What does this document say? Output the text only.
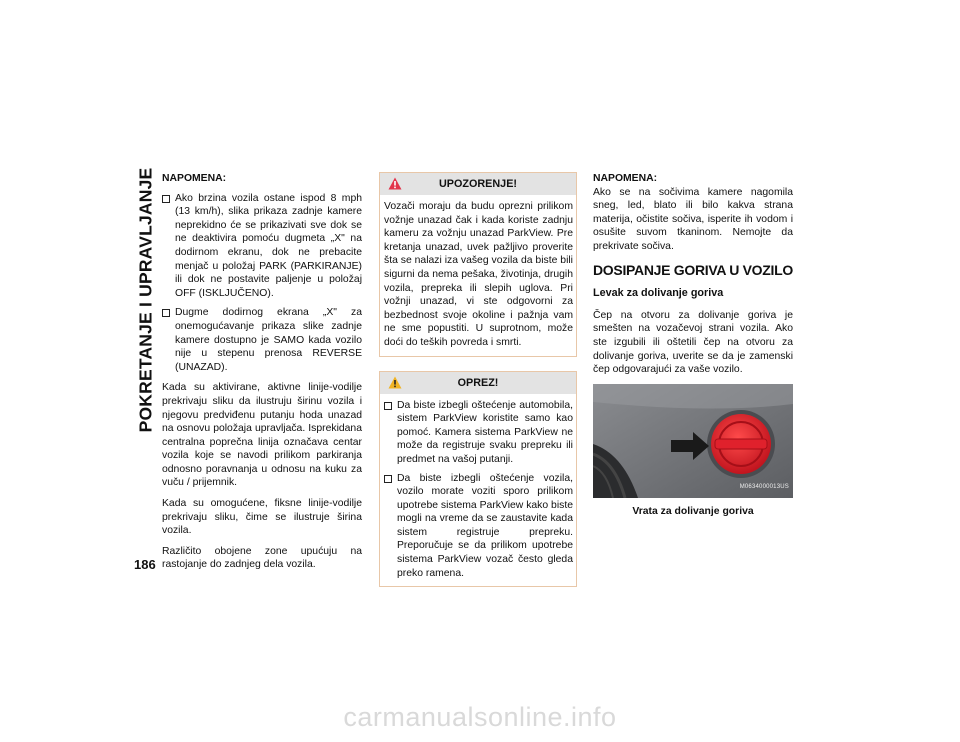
POKRETANJE I UPRAVLJANJE
186
NAPOMENA:
Ako brzina vozila ostane ispod 8 mph (13 km/h), slika prikaza zadnje kamere neprekidno će se prikazivati sve dok se ne deaktivira pomoću dugmeta „X" na dodirnom ekranu, dok ne prebacite menjač u položaj PARK (PARKIRANJE) ili dok ne postavite paljenje u položaj OFF (ISKLJUČENO).
Dugme dodirnog ekrana „X" za onemogućavanje prikaza slike zadnje kamere dostupno je SAMO kada vozilo nije u stepenu prenosa REVERSE (UNAZAD).

Kada su aktivirane, aktivne linije-vodilje prekrivaju sliku da ilustruju širinu vozila i njegovu predviđenu putanju hoda unazad na osnovu položaja upravljača. Isprekidana centralna poprečna linija označava centar vozila koje se navodi prilikom parkiranja odnosno poravnanja u odnosu na kuku za vuču / prijemnik.

Kada su omogućene, fiksne linije-vodilje prekrivaju sliku, čime se ilustruje širina vozila.

Različito obojene zone upućuju na rastojanje do zadnjeg dela vozila.

UPOZORENJE!

Vozači moraju da budu oprezni prilikom vožnje unazad čak i kada koriste zadnju kameru za vožnju unazad ParkView. Pre kretanja unazad, uvek pažljivo proverite šta se nalazi iza vašeg vozila da biste bili sigurni da nema pešaka, životinja, drugih vozila, prepreka ili slepih uglova. Pri vožnji unazad, vi ste odgovorni za bezbednost svoje okoline i pažnja vam ne sme popustiti. U suprotnom, može doći do teških povreda i smrti.

OPREZ!
Da biste izbegli oštećenje automobila, sistem ParkView koristite samo kao pomoć. Kamera sistema ParkView ne može da registruje svaku prepreku ili predmet na vašoj putanji.
Da biste izbegli oštećenje vozila, vozilo morate voziti sporo prilikom upotrebe sistema ParkView kako biste mogli na vreme da se zaustavite kada sistem registruje prepreku. Preporučuje se da prilikom upotrebe sistema ParkView vozač često gleda preko ramena.
NAPOMENA:

Ako se na sočivima kamere nagomila sneg, led, blato ili bilo kakva strana materija, očistite sočiva, isperite ih vodom i osušite suvom tkaninom. Nemojte da prekrivate sočiva.

DOSIPANJE GORIVA U VOZILO
Levak za dolivanje goriva

Čep na otvoru za dolivanje goriva je smešten na vozačevoj strani vozila. Ako ste izgubili ili oštetili čep na otvoru za dolivanje goriva, uverite se da je zamenski čep odgovarajući za vaše vozilo.

M0634000013US
Vrata za dolivanje goriva
carmanualsonline.info
